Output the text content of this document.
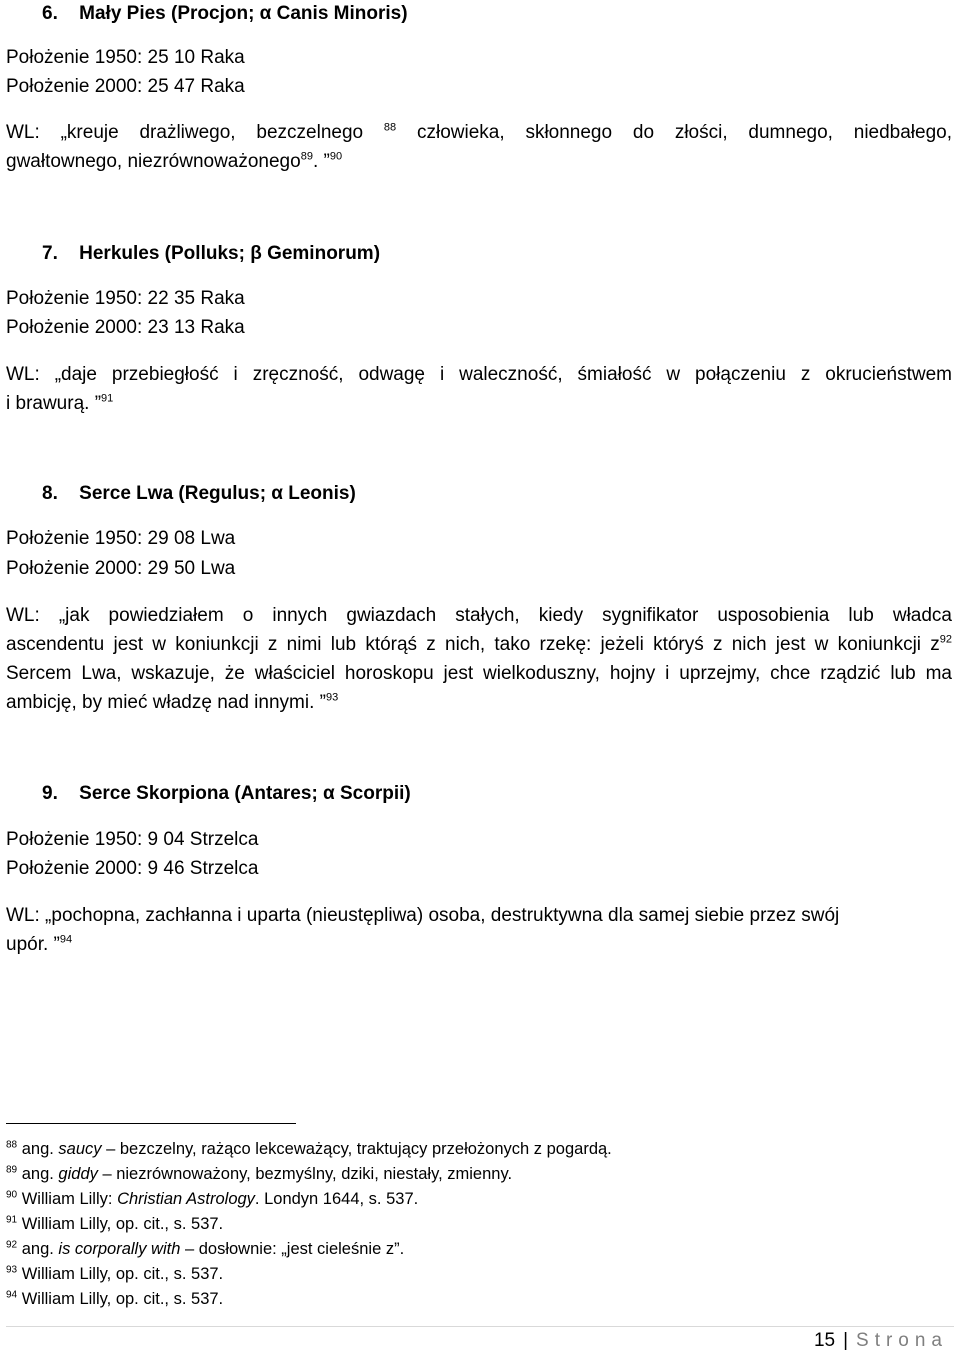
6. Mały Pies (Procjon; α Canis Minoris)
Położenie 1950: 25 10 Raka
Położenie 2000: 25 47 Raka
WL: „kreuje drażliwego, bezczelnego $^{88}$ człowieka, skłonnego do złości, dumnego, niedbałego,
gwałtownego, niezrównoważonego$^{89}$. ”$^{90}$
7. Herkules (Polluks; β Geminorum)
Położenie 1950: 22 35 Raka
Położenie 2000: 23 13 Raka
WL: „daje przebiegłość i zręczność, odwagę i waleczność, śmiałość w połączeniu z okrucieństwem
i brawurą. ”$^{91}$
8. Serce Lwa (Regulus; α Leonis)
Położenie 1950: 29 08 Lwa
Położenie 2000: 29 50 Lwa
WL: „jak powiedziałem o innych gwiazdach stałych, kiedy sygnifikator usposobienia lub władca
ascendentu jest w koniunkcji z nimi lub którąś z nich, tako rzekę: jeżeli któryś z nich jest w koniunkcji $z^{92}$
Sercem Lwa, wskazuje, że właściciel horoskopu jest wielkoduszny, hojny i uprzejmy, chce rządzić lub ma
ambicję, by mieć władzę nad innymi. ”$^{93}$
9. Serce Skorpiona (Antares; α Scorpii)
Położenie 1950: 9 04 Strzelca
Położenie 2000: 9 46 Strzelca
WL: „pochopna, zachłanna i uparta (nieustępliwa) osoba, destruktywna dla samej siebie przez swój
upór. ”$^{94}$
$^{88}$ ang. saucy – bezczelny, rażąco lekceważący, traktujący przełożonych z pogardą.
$^{89}$ ang. giddy – niezrównoważony, bezmyślny, dziki, niestały, zmienny.
$^{90}$ William Lilly: Christian Astrology. Londyn 1644, s. 537.
$^{91}$ William Lilly, op. cit., s. 537.
$^{92}$ ang. is corporally with – dosłownie: „jest cieleśnie z”.
$^{93}$ William Lilly, op. cit., s. 537.
$^{94}$ William Lilly, op. cit., s. 537.
15 | Strona
